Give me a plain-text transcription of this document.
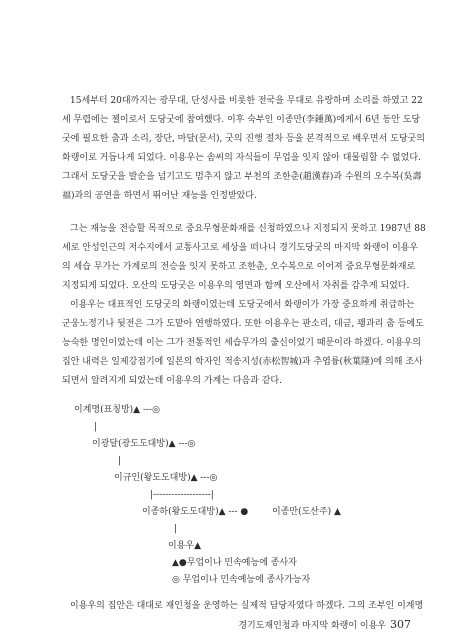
15세부터 20대까지는 광무대, 단성사를 비롯한 전국을 무대로 유랑하며 소리를 하였고 22
세 무렵에는 젤이로서 도당굿에 참여했다. 이후 숙부인 이종만(李鍾萬)에게서 6년 동안 도당
굿에 필요한 춤과 소리, 장단, 마달(문서), 굿의 진행 절차 등을 본격적으로 배우면서 도당굿의
화랭이로 거듭나게 되었다. 이용우는 솜씨의 자식들이 무업을 잇지 않아 대물림할 수 없었다.
그래서 도당굿을 발순을 넘기고도 멈추지 않고 부천의 조한춘(趙漢春)과 수원의 오수복(吳壽
福)과의 공연을 하면서 뛰어난 재능을 인정받았다.
그는 재능을 전승할 목적으로 중요무형문화재를 신청하였으나 지정되지 못하고 1987년 88
세로 안성인근의 저수지에서 교통사고로 세상을 떠나니 경기도당굿의 마지막 화랭이 이용우
의 세습 무가는 가계로의 전승을 잇지 못하고 조한춘, 오수복으로 이어져 중요무형문화재로
지정되게 되었다. 오산의 도당굿은 이용우의 영면과 함께 오산에서 자취를 감추게 되었다.
이용우는 대표적인 도당굿의 화랭이였는데 도당굿에서 화랭이가 가장 중요하게 취급하는
군웅노정기나 뒷전은 그가 도맡아 연행하였다. 또한 이용우는 판소리, 대금, 꽹과리 춤 등에도
능숙한 명인이었는데 이는 그가 전통적인 세습무가의 출신이었기 때문이라 하겠다. 이용우의
집안 내력은 일제강점기에 일본의 학자인 적송지성(赤松智城)과 추엽륭(秋葉隆)에 의해 조사
되면서 알려지게 되었는데 이용우의 가계는 다음과 같다.
이계명(표칭방)▲ ---◎
|
이광달(광도도대방)▲ ---◎
|
이규인(왕도도대방)▲ ---◎
|-------------------|
이종하(왕도도대방)▲ --- ●	이종만(도산주) ▲
|
이용우▲
▲●무업이나 민속예능에 종사자
◎ 무업이나 민속예능에 종사가능자
이용우의 집안은 대대로 재인청을 운영하는 실제적 담당자였다 하겠다. 그의 조부인 이계명
경기도재인청과 마지막 화랭이 이용우 307
